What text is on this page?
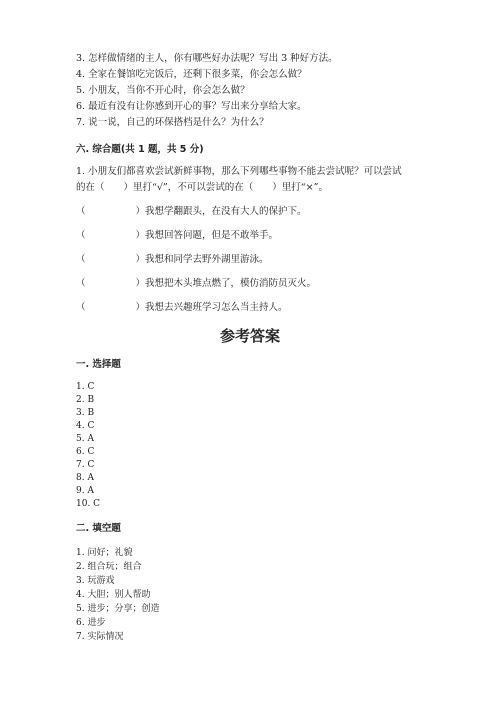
3. 怎样做情绪的主人，你有哪些好办法呢？写出 3 种好方法。
4. 全家在餐馆吃完饭后，还剩下很多菜，你会怎么做？
5. 小朋友，当你不开心时，你会怎么做？
6. 最近有没有让你感到开心的事？写出来分享给大家。
7. 说一说，自己的环保搭档是什么？为什么？
六. 综合题(共 1 题，共 5 分)
1. 小朋友们都喜欢尝试新鲜事物，那么下列哪些事物不能去尝试呢？可以尝试
的在（　　）里打“√”，不可以尝试的在（　　）里打“×”。
（	）我想学翻跟头，在没有大人的保护下。
（	）我想回答问题，但是不敢举手。
（	）我想和同学去野外湖里游泳。
（	）我想把木头堆点燃了，模仿消防员灭火。
（	）我想去兴趣班学习怎么当主持人。
参考答案
一. 选择题
1. C
2. B
3. B
4. C
5. A
6. C
7. C
8. A
9. A
10. C
二. 填空题
1. 问好；礼貌
2. 组合玩；组合
3. 玩游戏
4. 大胆；别人帮助
5. 进步；分享；创造
6. 进步
7. 实际情况
